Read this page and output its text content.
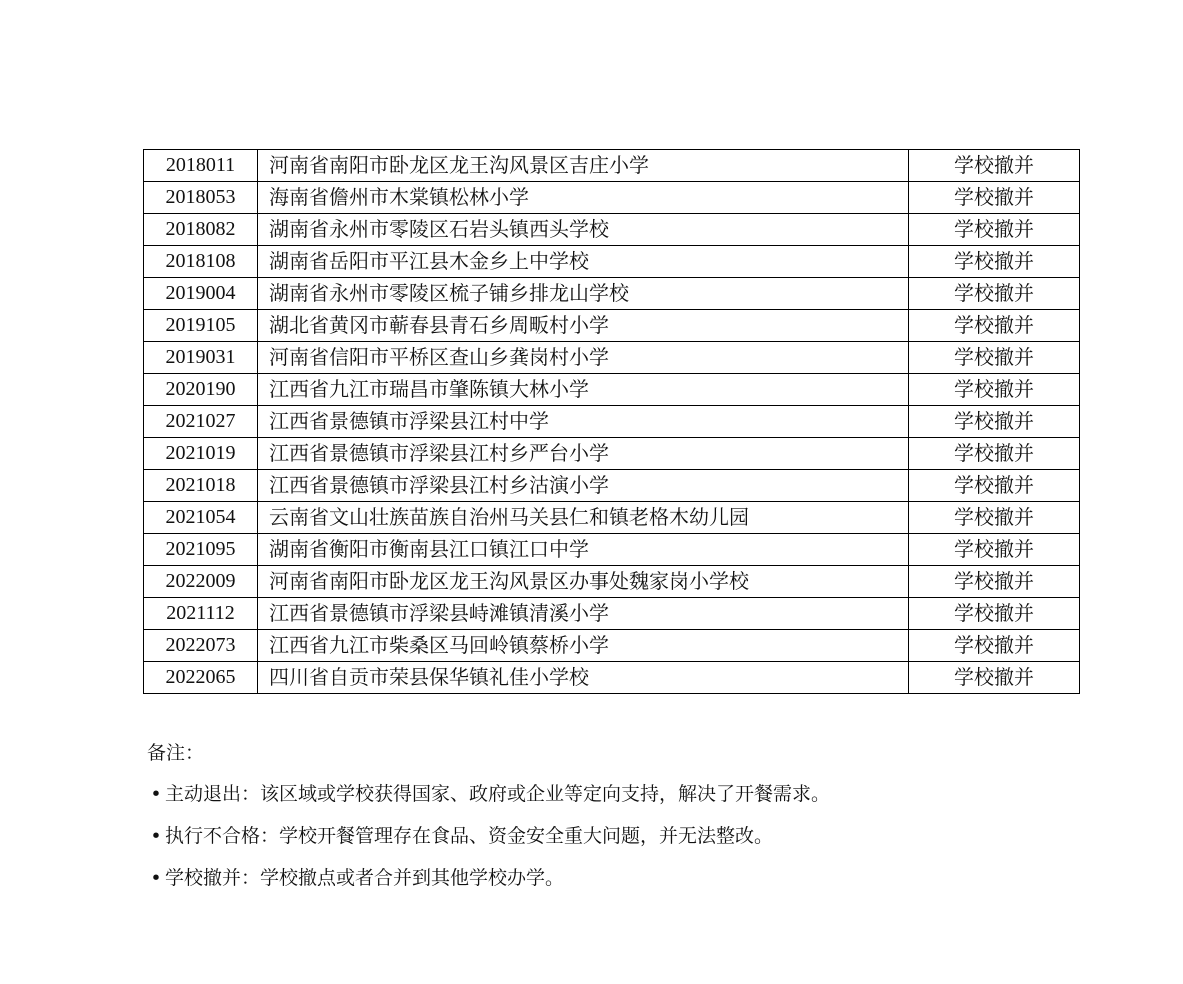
2018011	河南省南阳市卧龙区龙王沟风景区吉庄小学	学校撤并
2018053	海南省儋州市木棠镇松林小学	学校撤并
2018082	湖南省永州市零陵区石岩头镇西头学校	学校撤并
2018108	湖南省岳阳市平江县木金乡上中学校	学校撤并
2019004	湖南省永州市零陵区梳子铺乡排龙山学校	学校撤并
2019105	湖北省黄冈市蕲春县青石乡周畈村小学	学校撤并
2019031	河南省信阳市平桥区查山乡龚岗村小学	学校撤并
2020190	江西省九江市瑞昌市肇陈镇大林小学	学校撤并
2021027	江西省景德镇市浮梁县江村中学	学校撤并
2021019	江西省景德镇市浮梁县江村乡严台小学	学校撤并
2021018	江西省景德镇市浮梁县江村乡沽演小学	学校撤并
2021054	云南省文山壮族苗族自治州马关县仁和镇老格木幼儿园	学校撤并
2021095	湖南省衡阳市衡南县江口镇江口中学	学校撤并
2022009	河南省南阳市卧龙区龙王沟风景区办事处魏家岗小学校	学校撤并
2021112	江西省景德镇市浮梁县峙滩镇清溪小学	学校撤并
2022073	江西省九江市柴桑区马回岭镇蔡桥小学	学校撤并
2022065	四川省自贡市荣县保华镇礼佳小学校	学校撤并
备注：
• 主动退出：该区域或学校获得国家、政府或企业等定向支持，解决了开餐需求。
• 执行不合格：学校开餐管理存在食品、资金安全重大问题，并无法整改。
• 学校撤并：学校撤点或者合并到其他学校办学。
